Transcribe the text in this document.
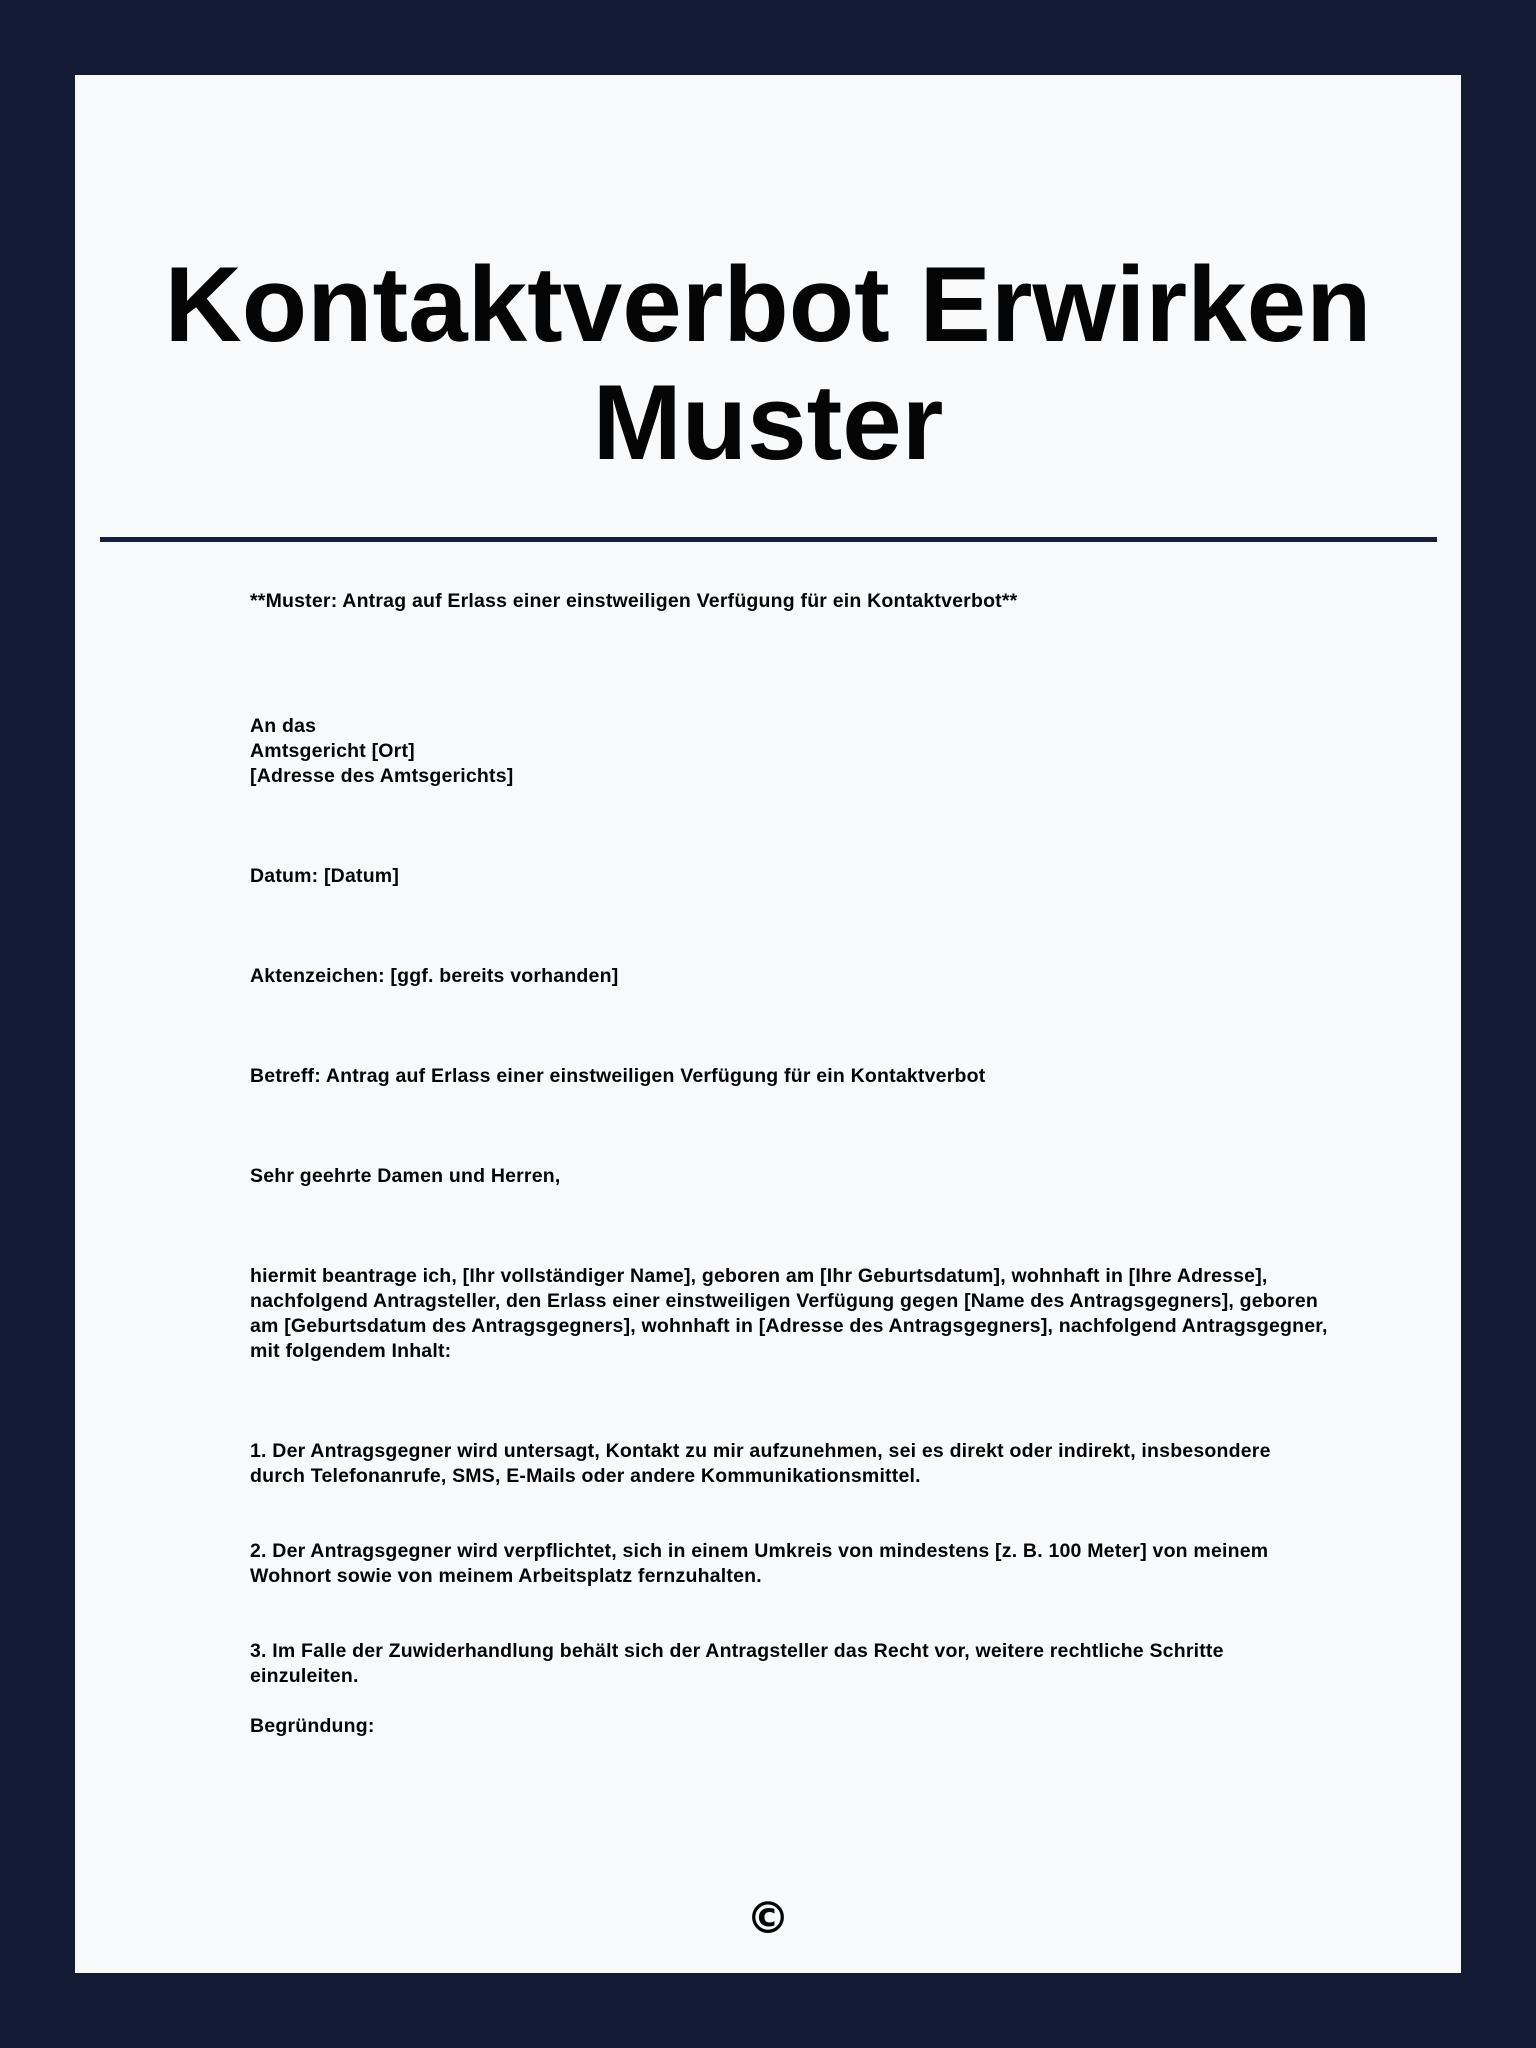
Kontaktverbot Erwirken
Muster

**Muster: Antrag auf Erlass einer einstweiligen Verfügung für ein Kontaktverbot**

An das
Amtsgericht [Ort]
[Adresse des Amtsgerichts]

Datum: [Datum]

Aktenzeichen: [ggf. bereits vorhanden]

Betreff: Antrag auf Erlass einer einstweiligen Verfügung für ein Kontaktverbot

Sehr geehrte Damen und Herren,

hiermit beantrage ich, [Ihr vollständiger Name], geboren am [Ihr Geburtsdatum], wohnhaft in [Ihre Adresse], nachfolgend Antragsteller, den Erlass einer einstweiligen Verfügung gegen [Name des Antragsgegners], geboren am [Geburtsdatum des Antragsgegners], wohnhaft in [Adresse des Antragsgegners], nachfolgend Antragsgegner, mit folgendem Inhalt:

1. Der Antragsgegner wird untersagt, Kontakt zu mir aufzunehmen, sei es direkt oder indirekt, insbesondere durch Telefonanrufe, SMS, E-Mails oder andere Kommunikationsmittel.

2. Der Antragsgegner wird verpflichtet, sich in einem Umkreis von mindestens [z. B. 100 Meter] von meinem Wohnort sowie von meinem Arbeitsplatz fernzuhalten.

3. Im Falle der Zuwiderhandlung behält sich der Antragsteller das Recht vor, weitere rechtliche Schritte einzuleiten.

Begründung:

©
